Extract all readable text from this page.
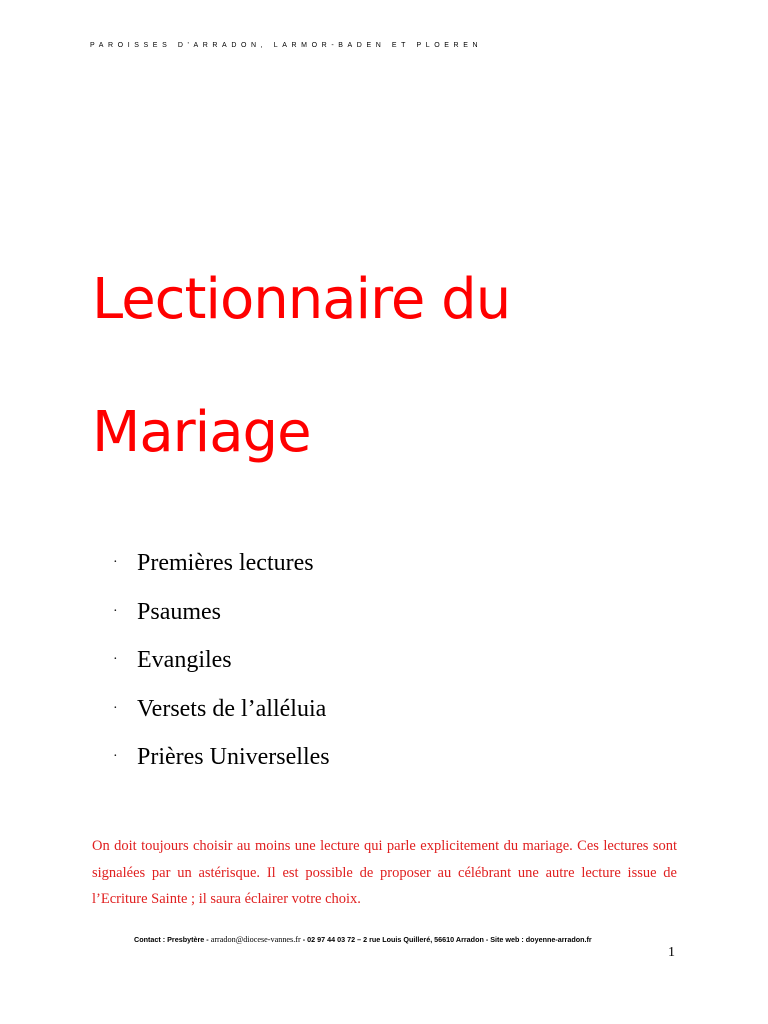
PAROISSES D'ARRADON, LARMOR-BADEN ET PLOEREN
Lectionnaire du
Mariage
· Premières lectures
· Psaumes
· Evangiles
· Versets de l’alléluia
· Prières Universelles

On doit toujours choisir au moins une lecture qui parle explicitement du mariage. Ces lectures sont signalées par un astérisque. Il est possible de proposer au célébrant une autre lecture issue de l’Ecriture Sainte ; il saura éclairer votre choix.

Contact : Presbytère - arradon@diocese-vannes.fr - 02 97 44 03 72 – 2 rue Louis Quilleré, 56610 Arradon - Site web : doyenne-arradon.fr
1
